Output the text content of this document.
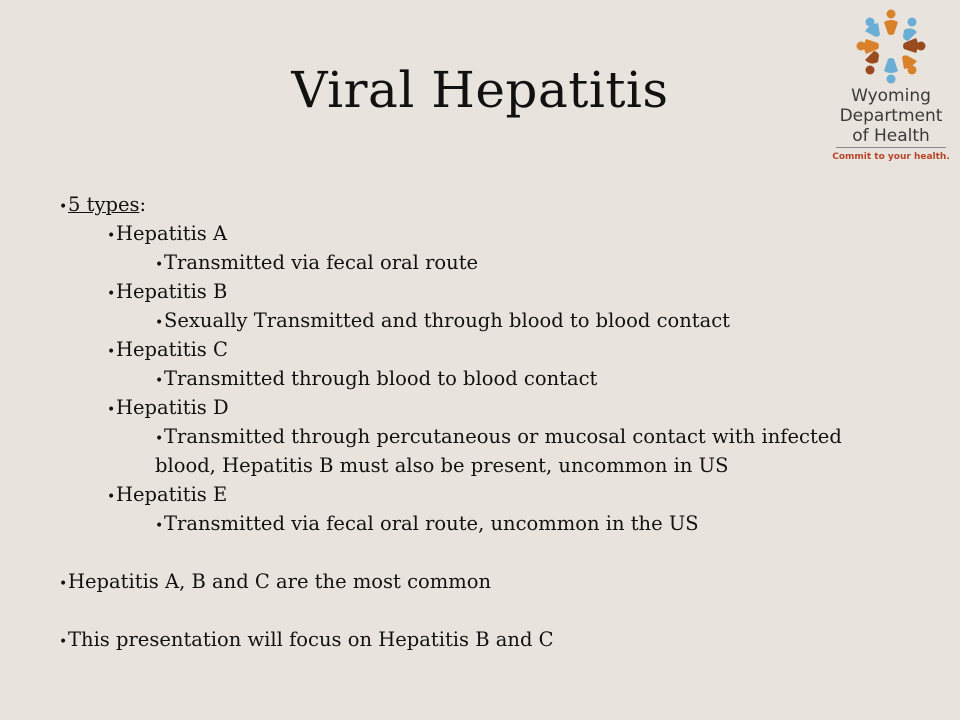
Viral Hepatitis	Wyoming
Department
of Health
Commit to your health.
•5 types:
•Hepatitis A
•Transmitted via fecal oral route
•Hepatitis B
•Sexually Transmitted and through blood to blood contact
•Hepatitis C
•Transmitted through blood to blood contact
•Hepatitis D
•Transmitted through percutaneous or mucosal contact with infected
blood, Hepatitis B must also be present, uncommon in US
•Hepatitis E
•Transmitted via fecal oral route, uncommon in the US
•Hepatitis A, B and C are the most common
•This presentation will focus on Hepatitis B and C
